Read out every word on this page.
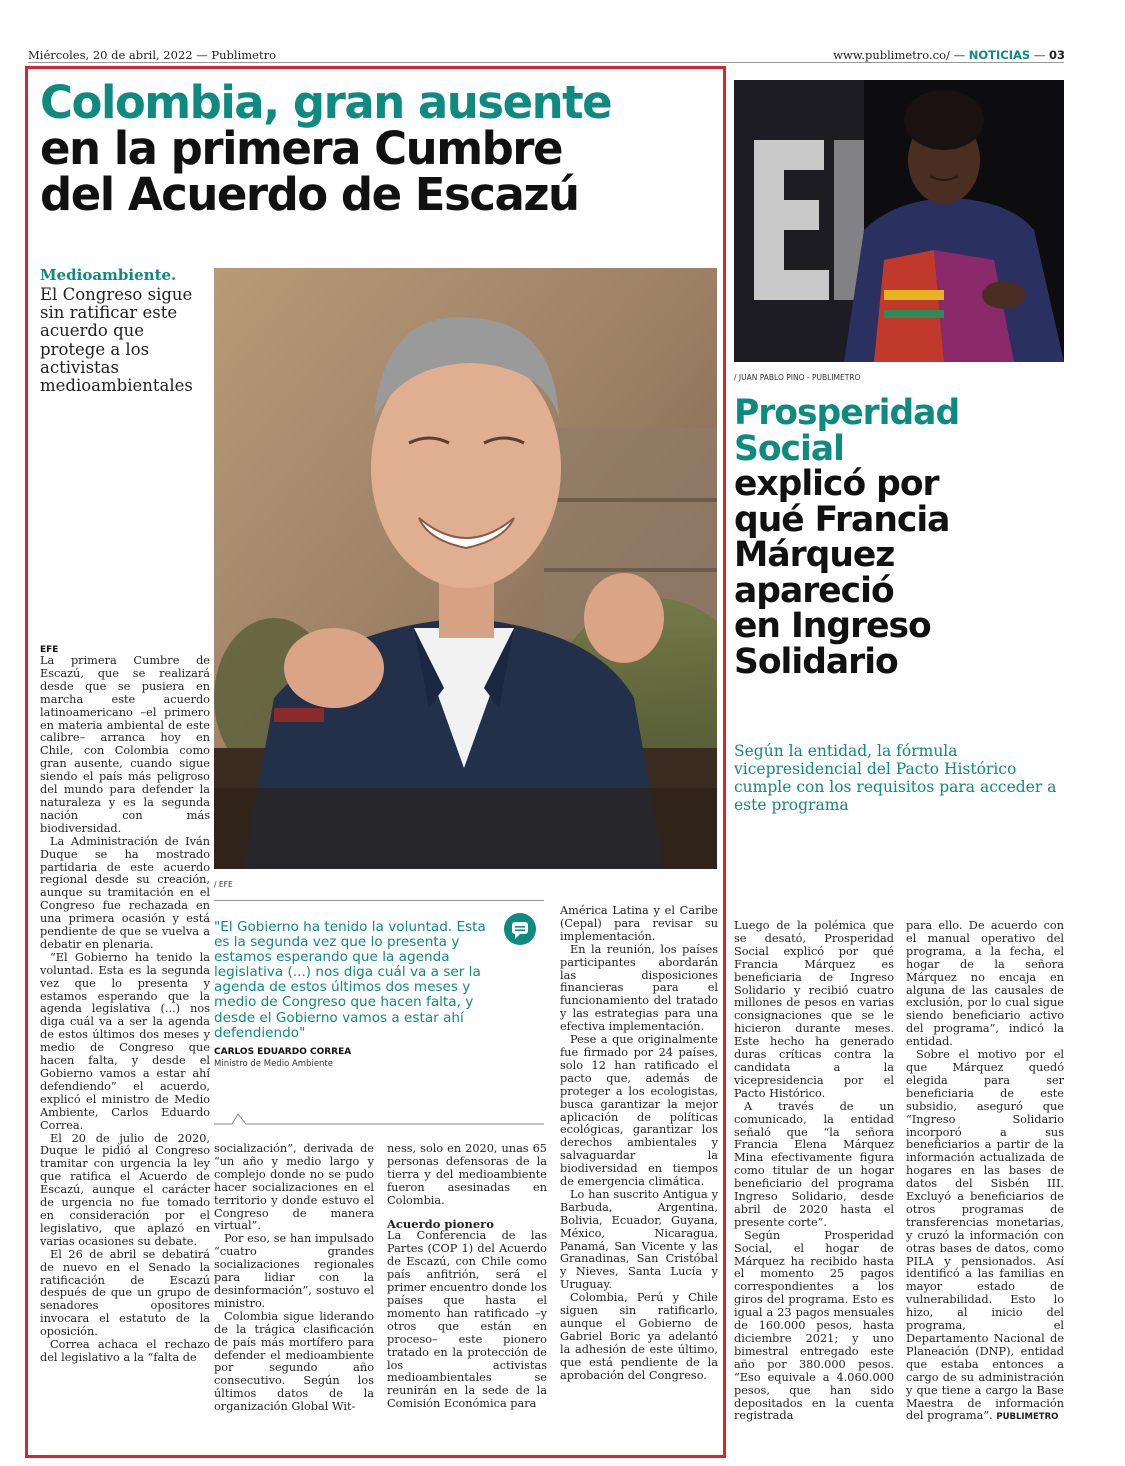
Miércoles, 20 de abril, 2022 — Publimetro	www.publimetro.co/ — NOTICIAS — 03
Colombia, gran ausente
en la primera Cumbre
del Acuerdo de Escazú
Medioambiente.
El Congreso sigue sin ratificar este acuerdo que protege a los activistas medioambientales
/ EFE
EFE

La primera Cumbre de Escazú, que se realizará desde que se pusiera en marcha este acuerdo latinoamericano –el primero en materia ambiental de este calibre– arranca hoy en Chile, con Colombia como gran ausente, cuando sigue siendo el país más peligroso del mundo para defender la naturaleza y es la segunda nación con más biodiversidad.

La Administración de Iván Duque se ha mostrado partidaria de este acuerdo regional desde su creación, aunque su tramitación en el Congreso fue rechazada en una primera ocasión y está pendiente de que se vuelva a debatir en plenaria.

“El Gobierno ha tenido la voluntad. Esta es la segunda vez que lo presenta y estamos esperando que la agenda legislativa (...) nos diga cuál va a ser la agenda de estos últimos dos meses y medio de Congreso que hacen falta, y desde el Gobierno vamos a estar ahí defendiendo” el acuerdo, explicó el ministro de Medio Ambiente, Carlos Eduardo Correa.

El 20 de julio de 2020, Duque le pidió al Congreso tramitar con urgencia la ley que ratifica el Acuerdo de Escazú, aunque el carácter de urgencia no fue tomado en consideración por el legislativo, que aplazó en varias ocasiones su debate.

El 26 de abril se debatirá de nuevo en el Senado la ratificación de Escazú después de que un grupo de senadores opositores invocara el estatuto de la oposición.

Correa achaca el rechazo del legislativo a la “falta de

"El Gobierno ha tenido la voluntad. Esta es la segunda vez que lo presenta y estamos esperando que la agenda legislativa (...) nos diga cuál va a ser la agenda de estos últimos dos meses y medio de Congreso que hacen falta, y desde el Gobierno vamos a estar ahí defendiendo"
CARLOS EDUARDO CORREA
Ministro de Medio Ambiente

socialización”, derivada de “un año y medio largo y complejo donde no se pudo hacer socializaciones en el territorio y donde estuvo el Congreso de manera virtual”.

Por eso, se han impulsado “cuatro grandes socializaciones regionales para lidiar con la desinformación”, sostuvo el ministro.

Colombia sigue liderando de la trágica clasificación de país más mortífero para defender el medioambiente por segundo año consecutivo. Según los últimos datos de la organización Global Wit-

ness, solo en 2020, unas 65 personas defensoras de la tierra y del medioambiente fueron asesinadas en Colombia.

Acuerdo pionero

La Conferencia de las Partes (COP 1) del Acuerdo de Escazú, con Chile como país anfitrión, será el primer encuentro donde los países que hasta el momento han ratificado –y otros que están en proceso– este pionero tratado en la protección de los activistas medioambientales se reunirán en la sede de la Comisión Económica para

América Latina y el Caribe (Cepal) para revisar su implementación.

En la reunión, los países participantes abordarán las disposiciones financieras para el funcionamiento del tratado y las estrategias para una efectiva implementación.

Pese a que originalmente fue firmado por 24 países, solo 12 han ratificado el pacto que, además de proteger a los ecologistas, busca garantizar la mejor aplicación de políticas ecológicas, garantizar los derechos ambientales y salvaguardar la biodiversidad en tiempos de emergencia climática.

Lo han suscrito Antigua y Barbuda, Argentina, Bolivia, Ecuador, Guyana, México, Nicaragua, Panamá, San Vicente y las Granadinas, San Cristóbal y Nieves, Santa Lucía y Uruguay.

Colombia, Perú y Chile siguen sin ratificarlo, aunque el Gobierno de Gabriel Boric ya adelantó la adhesión de este último, que está pendiente de la aprobación del Congreso.

/ JUAN PABLO PINO - PUBLIMETRO
Prosperidad
Social
explicó por
qué Francia
Márquez
apareció
en Ingreso
Solidario
Según la entidad, la fórmula vicepresidencial del Pacto Histórico cumple con los requisitos para acceder a este programa

Luego de la polémica que se desató, Prosperidad Social explicó por qué Francia Márquez es beneficiaria de Ingreso Solidario y recibió cuatro millones de pesos en varias consignaciones que se le hicieron durante meses. Este hecho ha generado duras críticas contra la candidata a la vicepresidencia por el Pacto Histórico.

A través de un comunicado, la entidad señaló que “la señora Francia Elena Márquez Mina efectivamente figura como titular de un hogar beneficiario del programa Ingreso Solidario, desde abril de 2020 hasta el presente corte”.

Según Prosperidad Social, el hogar de Márquez ha recibido hasta el momento 25 pagos correspondientes a los giros del programa. Esto es igual a 23 pagos mensuales de 160.000 pesos, hasta diciembre 2021; y uno bimestral entregado este año por 380.000 pesos. “Eso equivale a 4.060.000 pesos, que han sido depositados en la cuenta registrada

para ello. De acuerdo con el manual operativo del programa, a la fecha, el hogar de la señora Márquez no encaja en alguna de las causales de exclusión, por lo cual sigue siendo beneficiario activo del programa”, indicó la entidad.

Sobre el motivo por el que Márquez quedó elegida para ser beneficiaria de este subsidio, aseguró que “Ingreso Solidario incorporó a sus beneficiarios a partir de la información actualizada de hogares en las bases de datos del Sisbén III. Excluyó a beneficiarios de otros programas de transferencias monetarias, y cruzó la información con otras bases de datos, como PILA y pensionados. Así identificó a las familias en mayor estado de vulnerabilidad. Esto lo hizo, al inicio del programa, el Departamento Nacional de Planeación (DNP), entidad que estaba entonces a cargo de su administración y que tiene a cargo la Base Maestra de información del programa”. PUBLIMETRO
